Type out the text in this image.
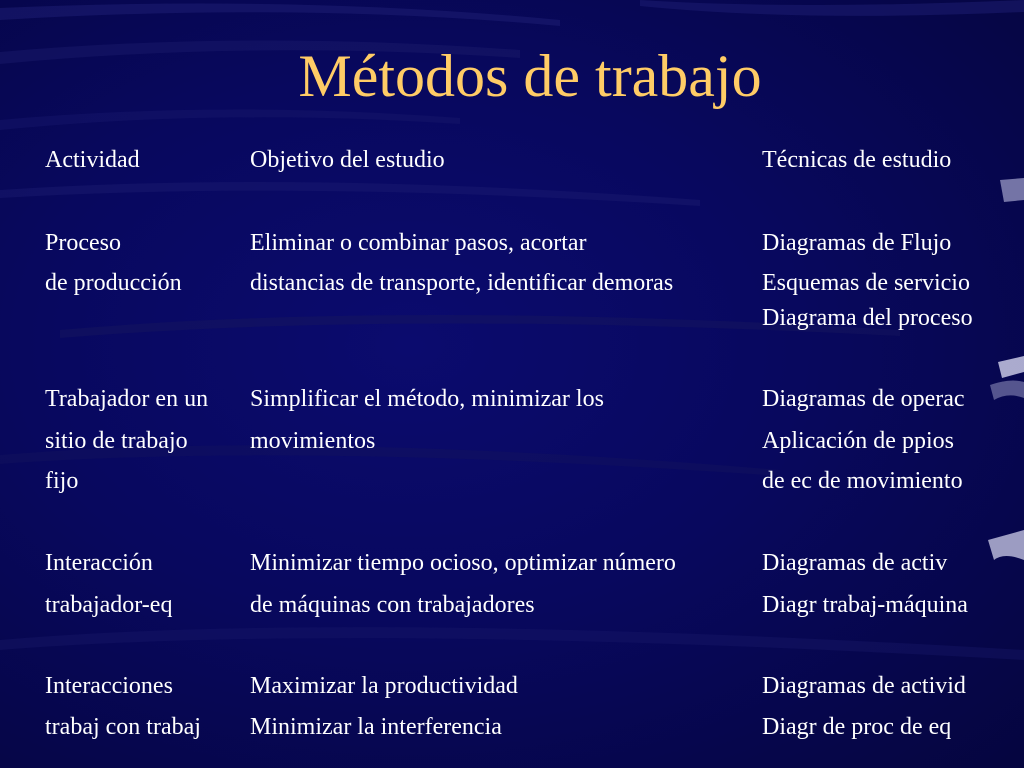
Métodos de trabajo
Actividad	Objetivo del estudio	Técnicas de estudio
Proceso
de producción
Eliminar o combinar pasos, acortar
distancias de transporte, identificar demoras
Diagramas de Flujo
Esquemas de servicio
Diagrama del proceso
Trabajador en un
sitio de trabajo
fijo
Simplificar el método, minimizar los
movimientos
Diagramas de operac
Aplicación de ppios
de ec de movimiento
Interacción
trabajador-eq
Minimizar tiempo ocioso, optimizar número
de máquinas con trabajadores
Diagramas de activ
Diagr trabaj-máquina
Interacciones
trabaj con trabaj
Maximizar la productividad
Minimizar la interferencia
Diagramas de activid
Diagr de proc de eq
